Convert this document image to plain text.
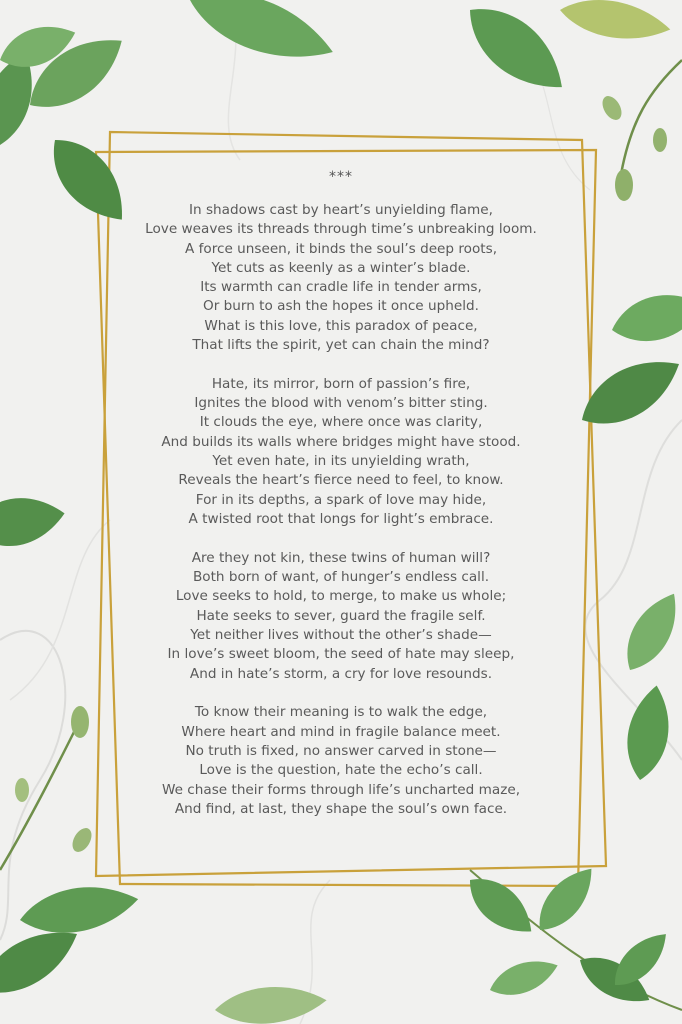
***
In shadows cast by heart’s unyielding flame,
Love weaves its threads through time’s unbreaking loom.
A force unseen, it binds the soul’s deep roots,
Yet cuts as keenly as a winter’s blade.
Its warmth can cradle life in tender arms,
Or burn to ash the hopes it once upheld.
What is this love, this paradox of peace,
That lifts the spirit, yet can chain the mind?
Hate, its mirror, born of passion’s fire,
Ignites the blood with venom’s bitter sting.
It clouds the eye, where once was clarity,
And builds its walls where bridges might have stood.
Yet even hate, in its unyielding wrath,
Reveals the heart’s fierce need to feel, to know.
For in its depths, a spark of love may hide,
A twisted root that longs for light’s embrace.
Are they not kin, these twins of human will?
Both born of want, of hunger’s endless call.
Love seeks to hold, to merge, to make us whole;
Hate seeks to sever, guard the fragile self.
Yet neither lives without the other’s shade—
In love’s sweet bloom, the seed of hate may sleep,
And in hate’s storm, a cry for love resounds.
To know their meaning is to walk the edge,
Where heart and mind in fragile balance meet.
No truth is fixed, no answer carved in stone—
Love is the question, hate the echo’s call.
We chase their forms through life’s uncharted maze,
And find, at last, they shape the soul’s own face.
